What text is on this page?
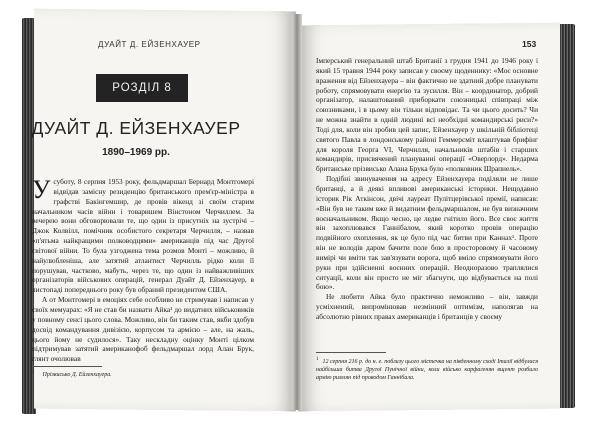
РОЗДІЛ 8
ДУАЙТ Д. ЕЙЗЕНХАУЕР
1890–1969 рр.

Усуботу, 8 серпня 1953 року, фельдмаршал Бернард Монтгомері відвідав замісну резиденцію британського прем'єр-міністра в графстві Бакінгемшир, де провів вікенд зі своїм старим начальником часів війни і товаришем Вінстоном Черчиллем. За вечерею вони обговорювали те, що один із присутніх на зустрічі – Джок Колвілл, помічник особистого секретаря Черчилля, – назвав «п'ятьма найкращими полководцями» американців під час Другої світової війни. То була узгоджена тема розмов Монті – можливо, й найулюбленіша, але затятий атлантист Черчилль рідко коли її порушував, частково, мабуть, через те, що один із найважливіших організаторів військових операцій, генерал Дуайт Д. Ейзенхауер, в листопаді попереднього року був обраний президентом США.

А от Монтгомері в емоціях себе особливо не стримував і написав у своїх мемуарах: «Я не став би назвати Айка¹ до видатних військовиків у повному сенсі цього слова. Можливо, він би таким став, якби здобув досвід командування дивізією, корпусом та армією – але, на жаль, цього йому не судилося». Таку нескладну оцінку Монті цілком підтримував затятий американофоб фельдмаршал лорд Алан Брук, глянт очолював

$^1$ Прізвисько Д. Ейзенхауера.
ДУАЙТ Д. ЕЙЗЕНХАУЕР	153

Імперський генеральний штаб Британії з грудня 1941 до 1946 року і який 15 травня 1944 року записав у своєму щоденнику: «Моє основне враження від Ейзенхауера – він фактично не здатний добре планувати роботу, спрямовувати енергію та зусилля. Він – координатор, добрий організатор, налаштований приборкати союзницькі співпраці між союзниками, і в цьому він тільки відповідає. Та чи цього досить? Чи не можна знайти в одній людині всі необхідні командирські риси?» Тоді для, коли він зробив цей запис, Ейзенхауер у шкільній бібліотеці святого Павла в лондонському районі Геммерсміт влаштував брифінг для короля Георга VI, Черчилля, начальників штабів і старших командирів, присвячений плануванні операції «Оверлорд». Недарма британське прізвисько Алана Брука було «полковник Шрапнель».

Подібні звинувачення на адресу Ейзенхауера поділяли не лише британці, а й деякі впливові американські історики. Нещодавно історик Рік Аткінсон, двічі лауреат Пулітцерівської премії, написав: «Він був не таким вже й видатним фельдмаршалом, не був визначним воєначальником. Якщо чесно, це ледве гнітило його. Все своє життя він захоплювався Ганнібалом, який коротко провів операцію подвійного охоплення, як це було під час битви при Каннах¹. Проте він не володів даром бачити поле бою в просторовому й часовому вимірі чи вміти так зав'язувати ворога, щоб вміло спрямовувати його руки при здійсненні воєнних операцій. Неодноразово траплялися ситуації, коли він просто не міг збагнути, що відбувається на полі бою».

Не любити Айка було практично неможливо – він, завжди усміхнений, випромінював незмінний оптимізм, наполягав на абсолютно рівних правах американців і британців у своєму

$^1$ 12 серпня 216 р. до н. е. поблизу цього містечка на південному сході Італії відбулася найбільша битва Другої Пунічної війни, коли військо карфагенян вщент розбило армію римлян під проводом Ганнібала.
